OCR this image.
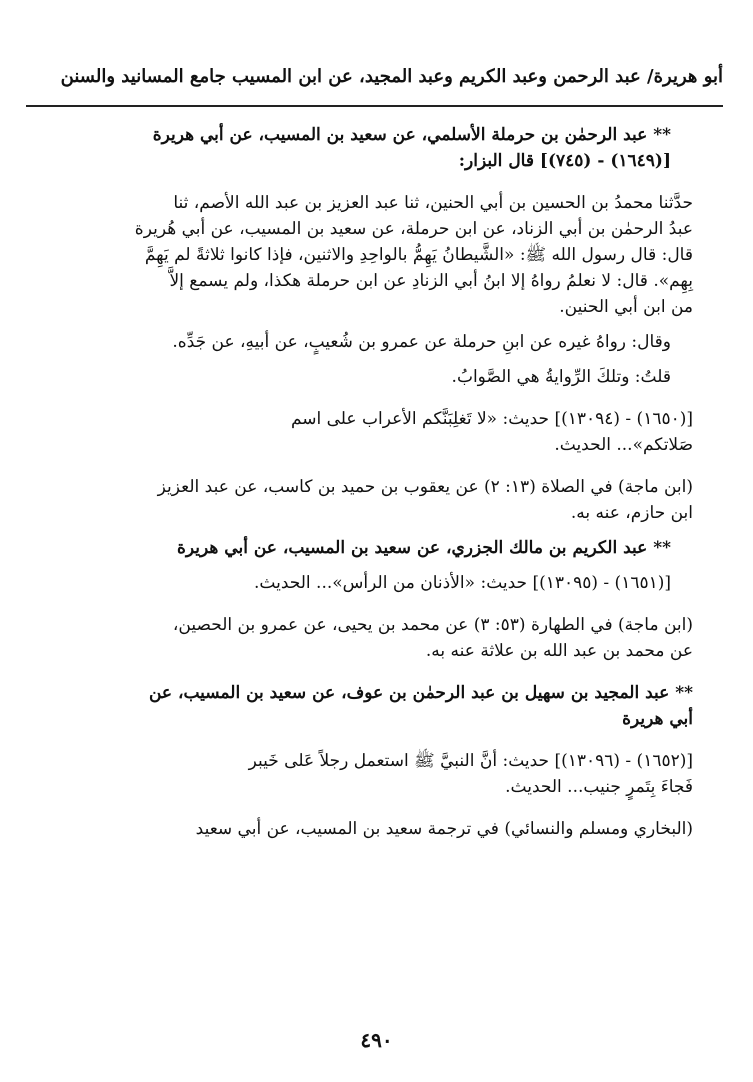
أبو هريرة/ عبد الرحمن وعبد الكريم وعبد المجيد، عن ابن المسيب جامع المسانيد والسنن
** عبد الرحمٰن بن حرملة الأسلمي، عن سعيد بن المسيب، عن أبي هريرة
[(١٦٤٩) - (٧٤٥)] قال البزار:
حدَّثنا محمدُ بن الحسين بن أبي الحنين، ثنا عبد العزيز بن عبد الله الأصم، ثنا
عبدُ الرحمٰن بن أبي الزناد، عن ابن حرملة، عن سعيد بن المسيب، عن أبي هُريرة
قال: قال رسول الله ﷺ: «الشَّيطانُ يَهِمُّ بالواحِدِ والاثنين، فإذا كانوا ثلاثةً لم يَهِمَّ
بِهِم». قال: لا نعلمُ رواهُ إلا ابنُ أبي الزنادِ عن ابن حرملة هكذا، ولم يسمع إلاَّ
من ابن أبي الحنين.
وقال: رواهُ غيره عن ابنِ حرملة عن عمرو بن شُعيبٍ، عن أبيهِ، عن جَدِّه.
قلتُ: وتلكَ الرِّوايةُ هي الصَّوابُ.
[(١٦٥٠) - (١٣٠٩٤)] حديث: «لا تَغلِبَنَّكم الأعراب على اسم
صَلاتكم»... الحديث.
(ابن ماجة) في الصلاة (١٣: ٢) عن يعقوب بن حميد بن كاسب، عن عبد العزيز
ابن حازم، عنه به.
** عبد الكريم بن مالك الجزري، عن سعيد بن المسيب، عن أبي هريرة
[(١٦٥١) - (١٣٠٩٥)] حديث: «الأذنان من الرأس»... الحديث.
(ابن ماجة) في الطهارة (٥٣: ٣) عن محمد بن يحيى، عن عمرو بن الحصين،
عن محمد بن عبد الله بن علاثة عنه به.
** عبد المجيد بن سهيل بن عبد الرحمٰن بن عوف، عن سعيد بن المسيب، عن
أبي هريرة
[(١٦٥٢) - (١٣٠٩٦)] حديث: أنَّ النبيَّ ﷺ استعمل رجلاً عَلى خَيبر
فَجاءَ بِتَمرٍ جنيب... الحديث.
(البخاري ومسلم والنسائي) في ترجمة سعيد بن المسيب، عن أبي سعيد
٤٩٠
